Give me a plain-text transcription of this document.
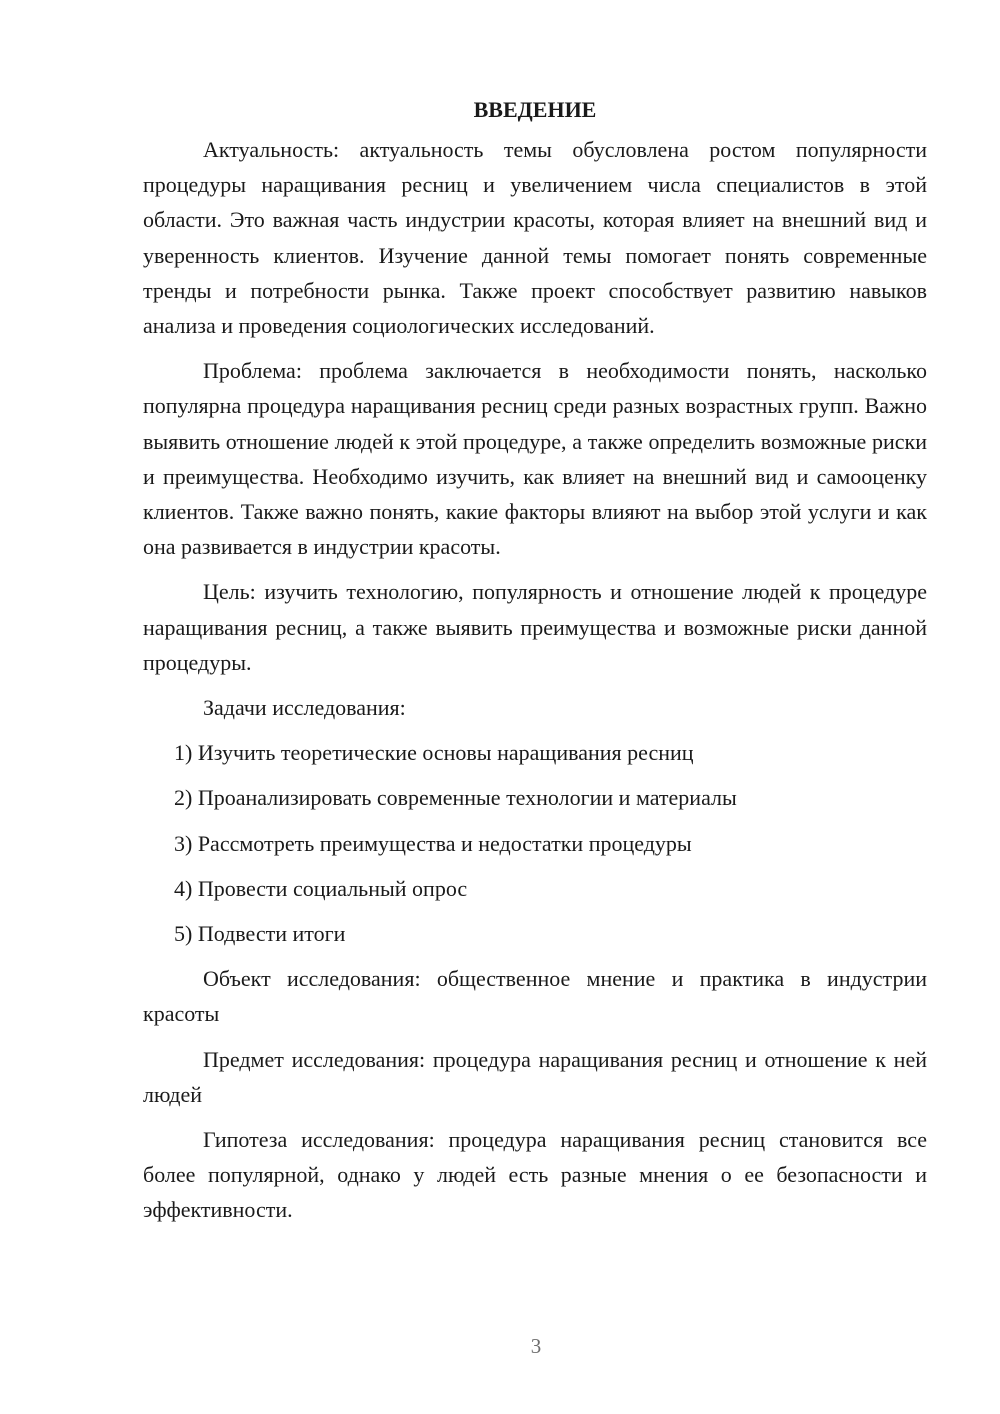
ВВЕДЕНИЕ

Актуальность: актуальность темы обусловлена ростом популярности процедуры наращивания ресниц и увеличением числа специалистов в этой области. Это важная часть индустрии красоты, которая влияет на внешний вид и уверенность клиентов. Изучение данной темы помогает понять современные тренды и потребности рынка. Также проект способствует развитию навыков анализа и проведения социологических исследований.

Проблема: проблема заключается в необходимости понять, насколько популярна процедура наращивания ресниц среди разных возрастных групп. Важно выявить отношение людей к этой процедуре, а также определить возможные риски и преимущества. Необходимо изучить, как влияет на внешний вид и самооценку клиентов. Также важно понять, какие факторы влияют на выбор этой услуги и как она развивается в индустрии красоты.

Цель: изучить технологию, популярность и отношение людей к процедуре наращивания ресниц, а также выявить преимущества и возможные риски данной процедуры.

Задачи исследования:

1) Изучить теоретические основы наращивания ресниц
2) Проанализировать современные технологии и материалы
3) Рассмотреть преимущества и недостатки процедуры
4) Провести социальный опрос
5) Подвести итоги

Объект исследования: общественное мнение и практика в индустрии красоты

Предмет исследования: процедура наращивания ресниц и отношение к ней людей

Гипотеза исследования: процедура наращивания ресниц становится все более популярной, однако у людей есть разные мнения о ее безопасности и эффективности.

3
